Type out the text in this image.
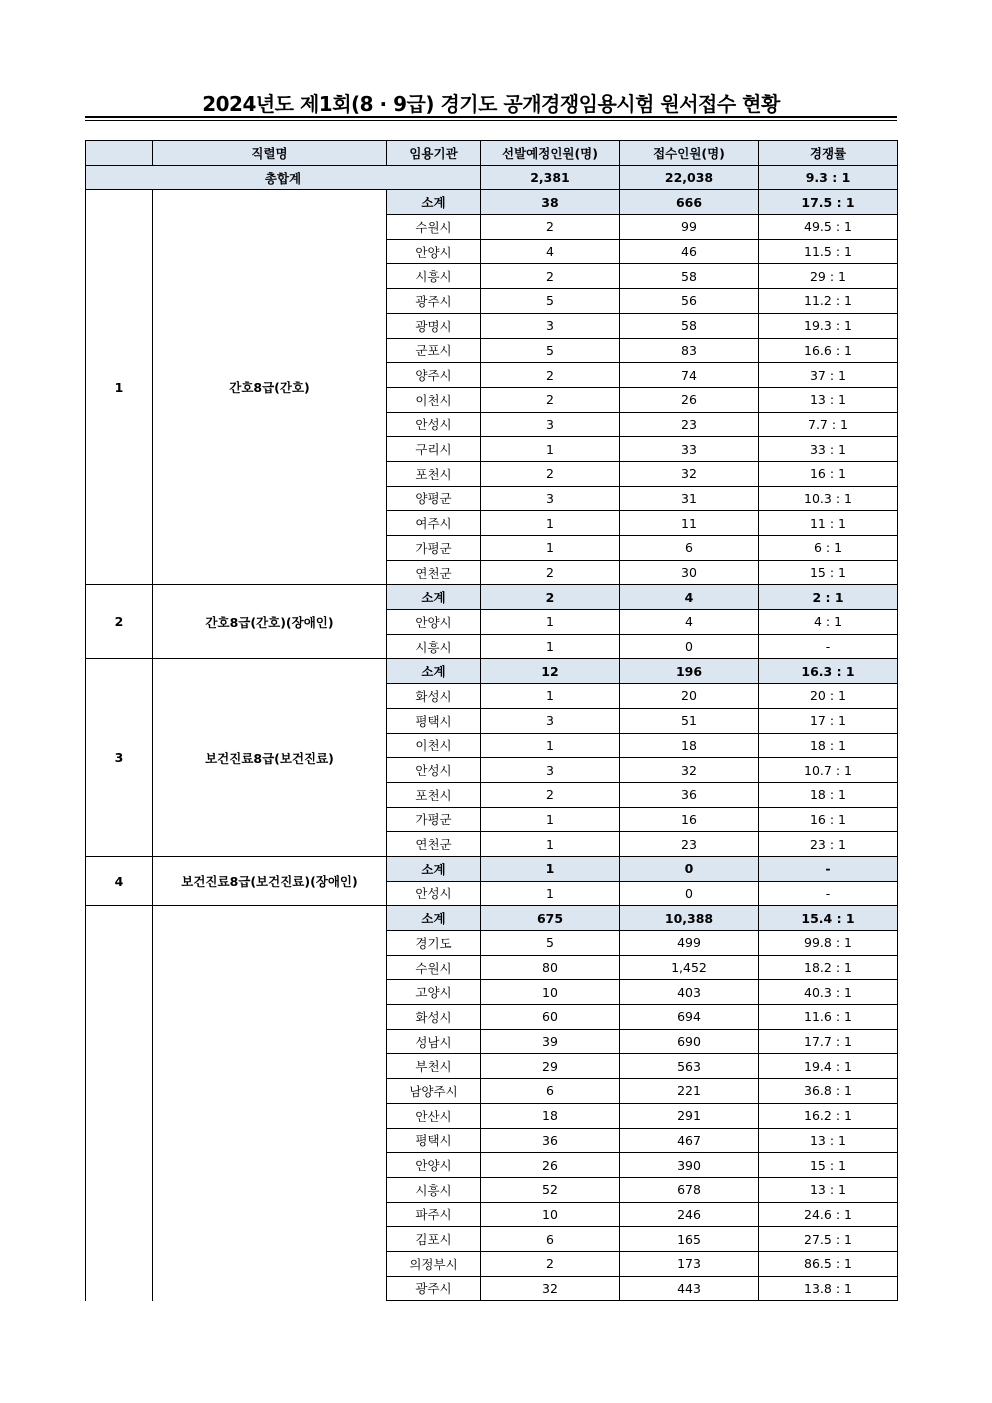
2024년도 제1회(8 · 9급) 경기도 공개경쟁임용시험 원서접수 현황
	직렬명	임용기관	선발예정인원(명)	접수인원(명)	경쟁률
총합계			2,381	22,038	9.3 : 1
1	간호8급(간호)	소계	38	666	17.5 : 1
		수원시	2	99	49.5 : 1
		안양시	4	46	11.5 : 1
		시흥시	2	58	29 : 1
		광주시	5	56	11.2 : 1
		광명시	3	58	19.3 : 1
		군포시	5	83	16.6 : 1
		양주시	2	74	37 : 1
		이천시	2	26	13 : 1
		안성시	3	23	7.7 : 1
		구리시	1	33	33 : 1
		포천시	2	32	16 : 1
		양평군	3	31	10.3 : 1
		여주시	1	11	11 : 1
		가평군	1	6	6 : 1
		연천군	2	30	15 : 1
2	간호8급(간호)(장애인)	소계	2	4	2 : 1
		안양시	1	4	4 : 1
		시흥시	1	0	-
3	보건진료8급(보건진료)	소계	12	196	16.3 : 1
		화성시	1	20	20 : 1
		평택시	3	51	17 : 1
		이천시	1	18	18 : 1
		안성시	3	32	10.7 : 1
		포천시	2	36	18 : 1
		가평군	1	16	16 : 1
		연천군	1	23	23 : 1
4	보건진료8급(보건진료)(장애인)	소계	1	0	-
		안성시	1	0	-
		소계	675	10,388	15.4 : 1
		경기도	5	499	99.8 : 1
		수원시	80	1,452	18.2 : 1
		고양시	10	403	40.3 : 1
		화성시	60	694	11.6 : 1
		성남시	39	690	17.7 : 1
		부천시	29	563	19.4 : 1
		남양주시	6	221	36.8 : 1
		안산시	18	291	16.2 : 1
		평택시	36	467	13 : 1
		안양시	26	390	15 : 1
		시흥시	52	678	13 : 1
		파주시	10	246	24.6 : 1
		김포시	6	165	27.5 : 1
		의정부시	2	173	86.5 : 1
		광주시	32	443	13.8 : 1
